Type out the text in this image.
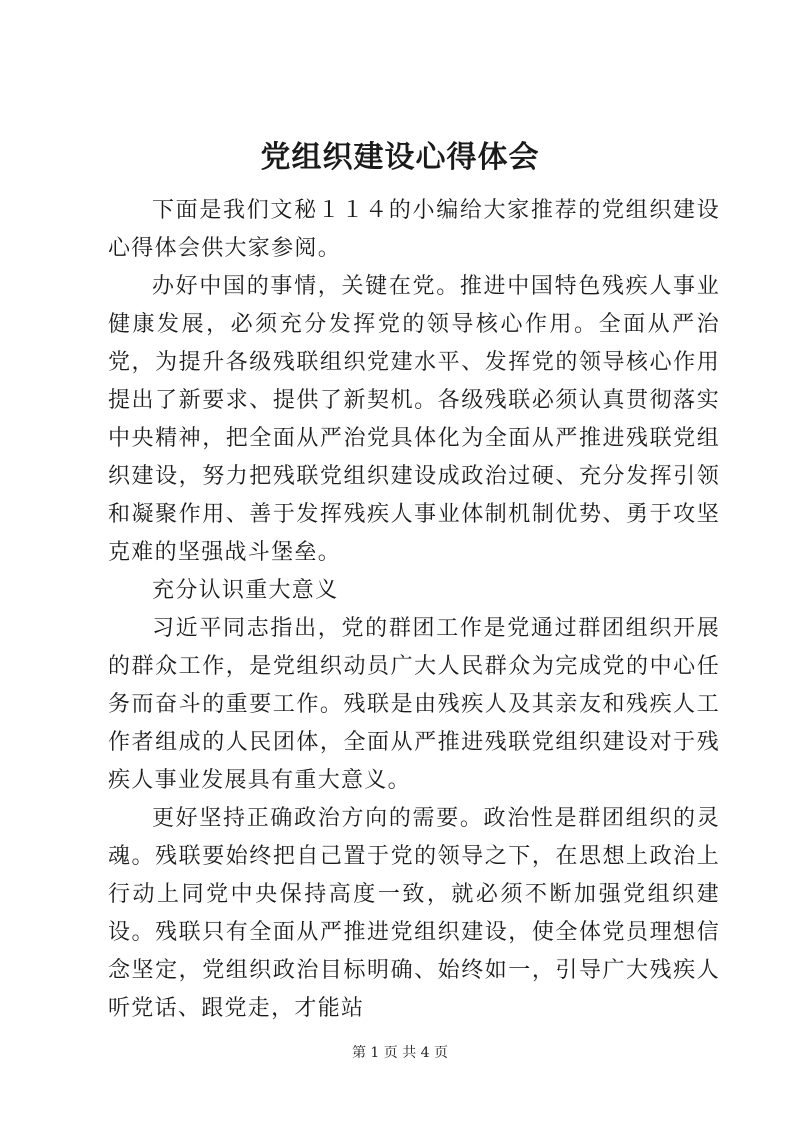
党组织建设心得体会

下面是我们文秘１１４的小编给大家推荐的党组织建设心得体会供大家参阅。

办好中国的事情，关键在党。推进中国特色残疾人事业健康发展，必须充分发挥党的领导核心作用。全面从严治党，为提升各级残联组织党建水平、发挥党的领导核心作用提出了新要求、提供了新契机。各级残联必须认真贯彻落实中央精神，把全面从严治党具体化为全面从严推进残联党组织建设，努力把残联党组织建设成政治过硬、充分发挥引领和凝聚作用、善于发挥残疾人事业体制机制优势、勇于攻坚克难的坚强战斗堡垒。

充分认识重大意义

习近平同志指出，党的群团工作是党通过群团组织开展的群众工作，是党组织动员广大人民群众为完成党的中心任务而奋斗的重要工作。残联是由残疾人及其亲友和残疾人工作者组成的人民团体，全面从严推进残联党组织建设对于残疾人事业发展具有重大意义。

更好坚持正确政治方向的需要。政治性是群团组织的灵魂。残联要始终把自己置于党的领导之下，在思想上政治上行动上同党中央保持高度一致，就必须不断加强党组织建设。残联只有全面从严推进党组织建设，使全体党员理想信念坚定，党组织政治目标明确、始终如一，引导广大残疾人听党话、跟党走，才能站

第 1 页 共 4 页
